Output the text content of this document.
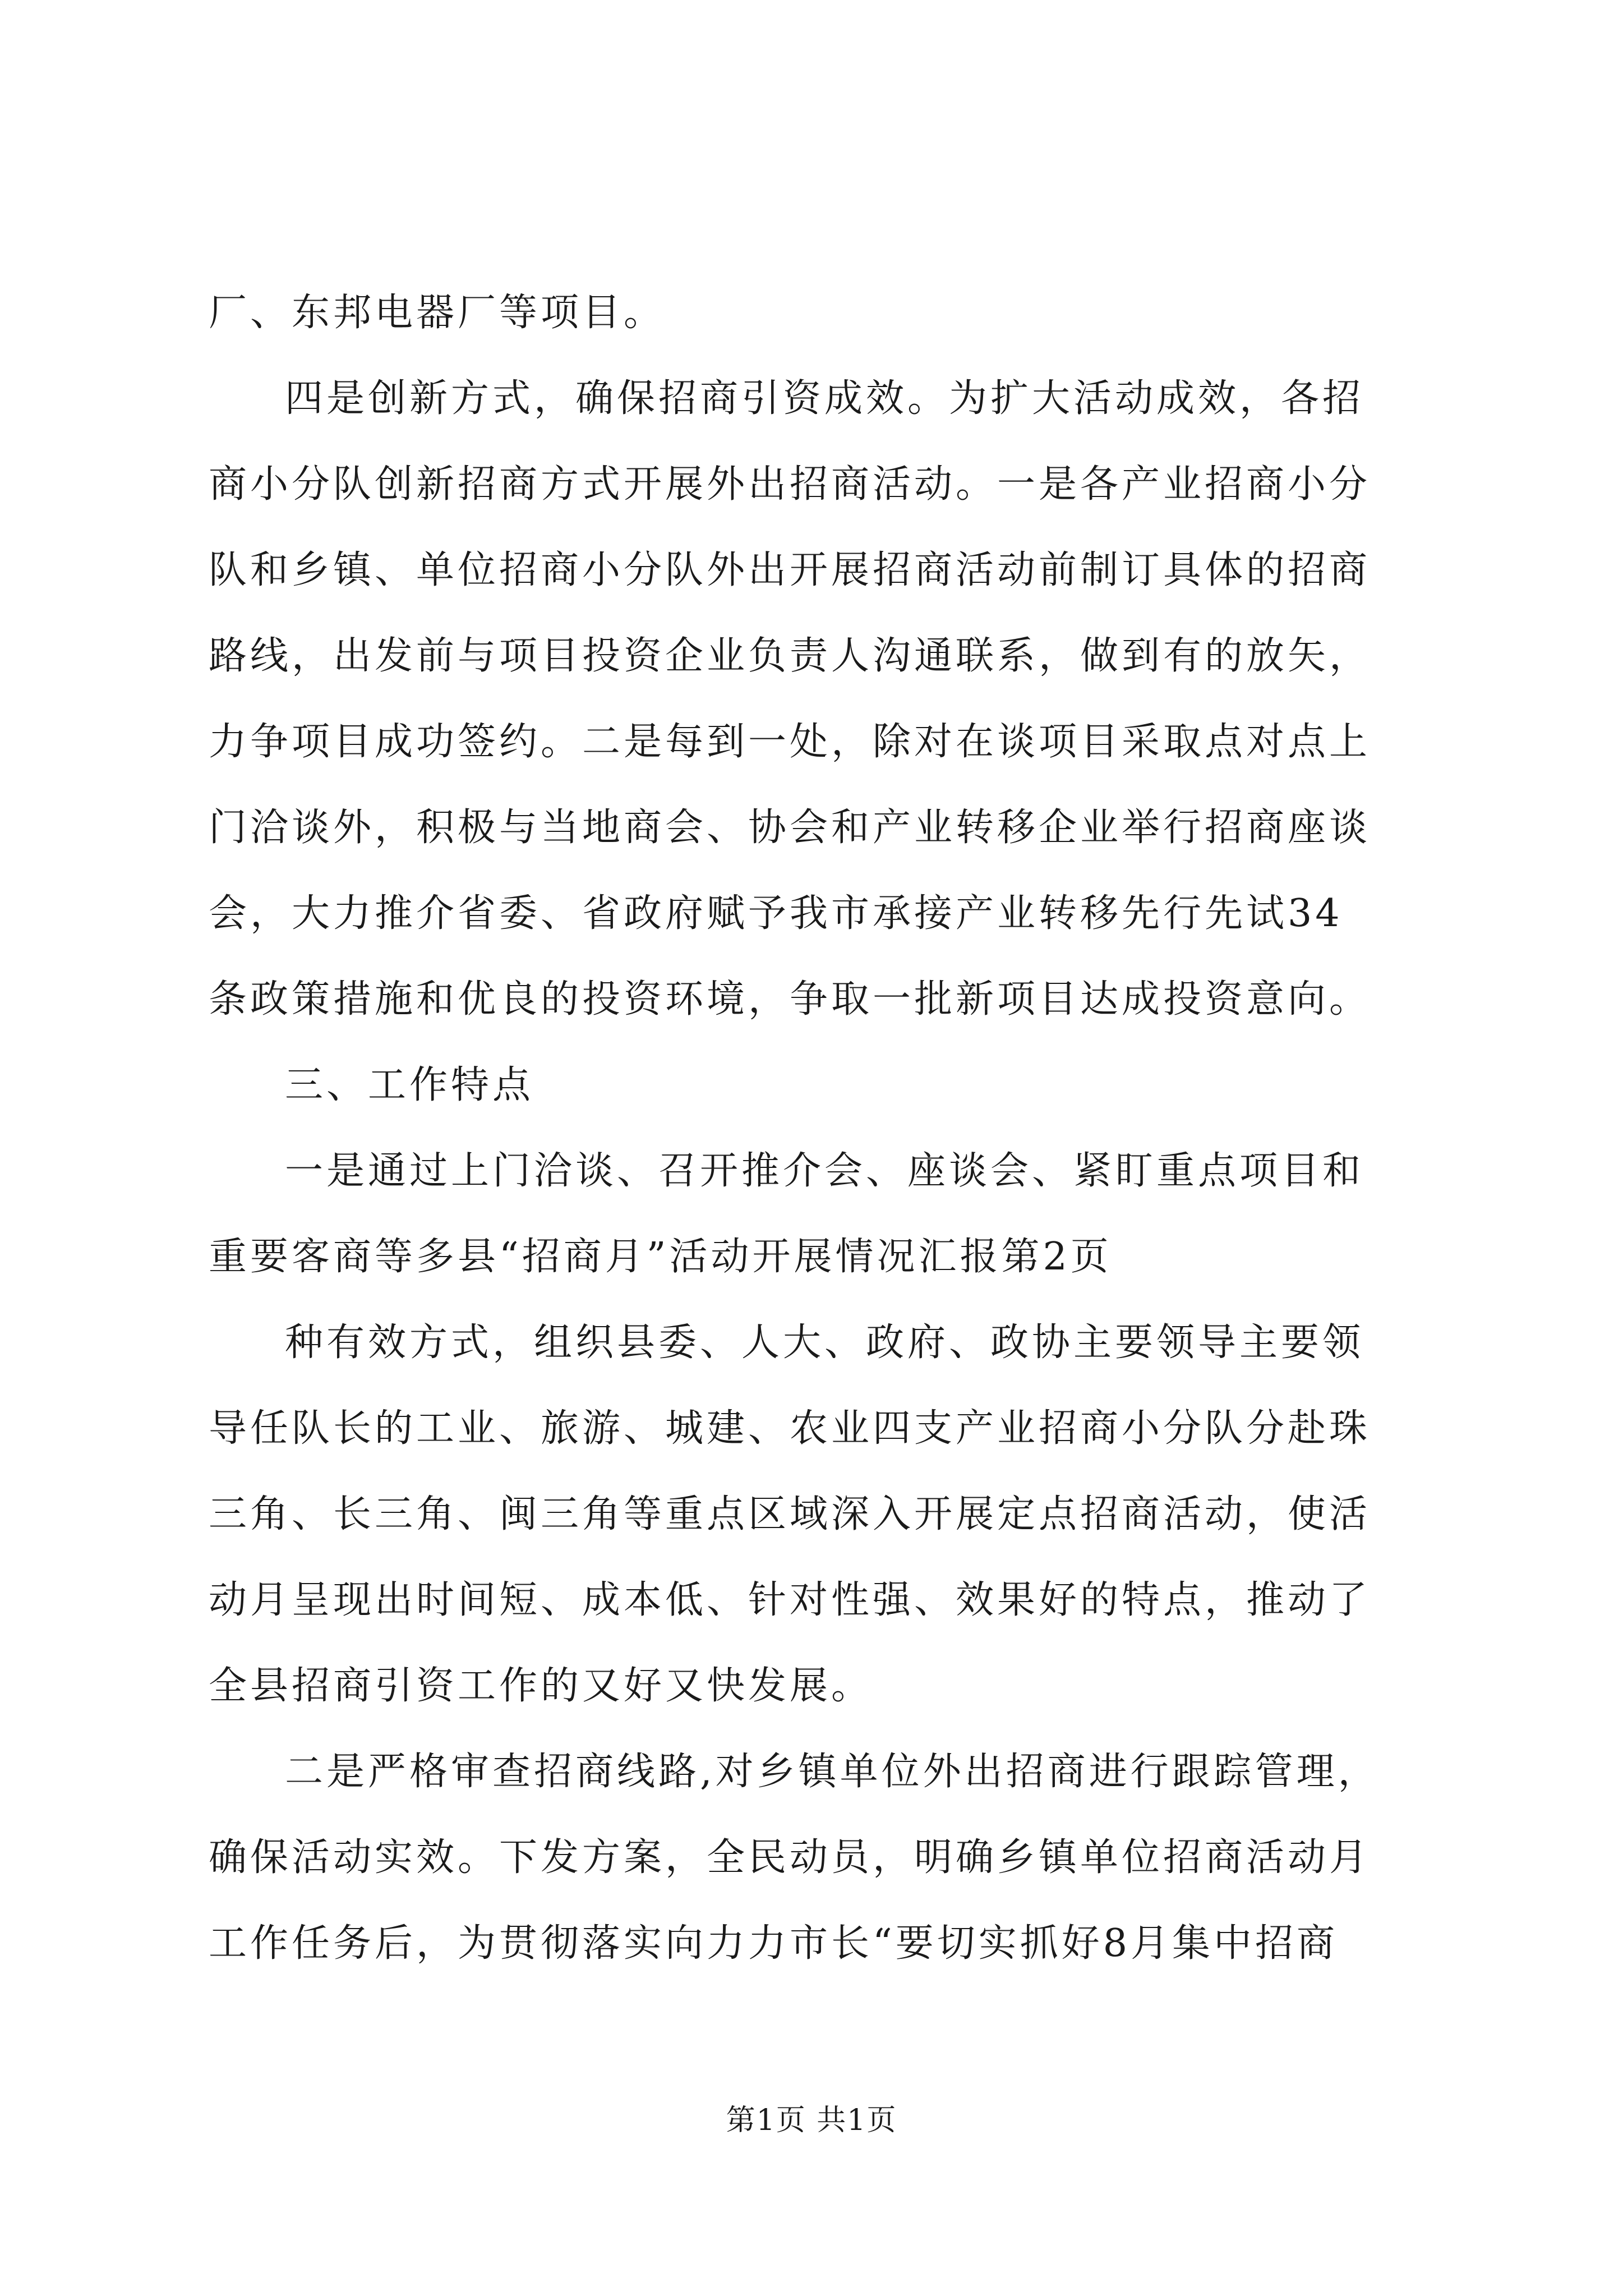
厂、东邦电器厂等项目。
四是创新方式，确保招商引资成效。为扩大活动成效，各招
商小分队创新招商方式开展外出招商活动。一是各产业招商小分
队和乡镇、单位招商小分队外出开展招商活动前制订具体的招商
路线，出发前与项目投资企业负责人沟通联系，做到有的放矢，
力争项目成功签约。二是每到一处，除对在谈项目采取点对点上
门洽谈外，积极与当地商会、协会和产业转移企业举行招商座谈
会，大力推介省委、省政府赋予我市承接产业转移先行先试34
条政策措施和优良的投资环境，争取一批新项目达成投资意向。
三、工作特点
一是通过上门洽谈、召开推介会、座谈会、紧盯重点项目和
重要客商等多县“招商月”活动开展情况汇报第2页
种有效方式，组织县委、人大、政府、政协主要领导主要领
导任队长的工业、旅游、城建、农业四支产业招商小分队分赴珠
三角、长三角、闽三角等重点区域深入开展定点招商活动，使活
动月呈现出时间短、成本低、针对性强、效果好的特点，推动了
全县招商引资工作的又好又快发展。
二是严格审查招商线路,对乡镇单位外出招商进行跟踪管理，
确保活动实效。下发方案，全民动员，明确乡镇单位招商活动月
工作任务后，为贯彻落实向力力市长“要切实抓好8月集中招商
第1页 共1页
